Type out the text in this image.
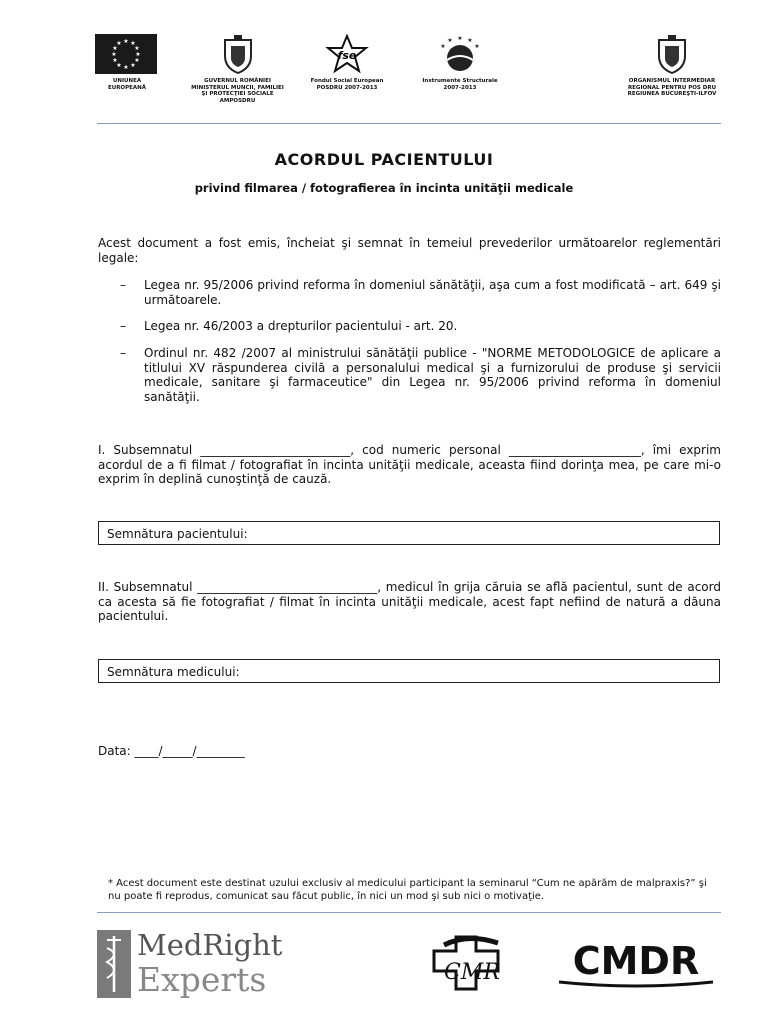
★ ★
★
★
★
★
★
★
★
★
★
★
UNIUNEA EUROPEANĂ
GUVERNUL ROMÂNIEI
MINISTERUL MUNCII, FAMILIEI
ŞI PROTECŢIEI SOCIALE
AMPOSDRU
fse
Fondul Social European
POSDRU 2007-2013
★ ★ ★
★
★
Instrumente Structurale
2007-2013
ORGANISMUL INTERMEDIAR
REGIONAL PENTRU POS DRU
REGIUNEA BUCUREŞTI-ILFOV
ACORDUL PACIENTULUI
privind filmarea / fotografierea în incinta unităţii medicale
Acest document a fost emis, încheiat şi semnat în temeiul prevederilor următoarelor reglementări legale:
– Legea nr. 95/2006 privind reforma în domeniul sănătăţii, aşa cum a fost modificată – art. 649 şi următoarele.
– Legea nr. 46/2003 a drepturilor pacientului - art. 20.
– Ordinul nr. 482 /2007 al ministrului sănătăţii publice - "NORME METODOLOGICE de aplicare a titlului XV răspunderea civilă a personalului medical şi a furnizorului de produse şi servicii medicale, sanitare şi farmaceutice" din Legea nr. 95/2006 privind reforma în domeniul sanătăţii.
I. Subsemnatul _________________________, cod numeric personal ______________________, îmi exprim acordul de a fi filmat / fotografiat în incinta unităţii medicale, aceasta fiind dorinţa mea, pe care mi-o exprim în deplină cunoştinţă de cauză.
Semnătura pacientului:
II. Subsemnatul ______________________________, medicul în grija căruia se află pacientul, sunt de acord ca acesta să fie fotografiat / filmat în incinta unităţii medicale, acest fapt nefiind de natură a dăuna pacientului.
Semnătura medicului:
Data: ____/_____/________
* Acest document este destinat uzului exclusiv al medicului participant la seminarul “Cum ne apărăm de malpraxis?” şi nu poate fi reprodus, comunicat sau făcut public, în nici un mod şi sub nici o motivaţie.
MedRight
Experts	CMR CMDR
